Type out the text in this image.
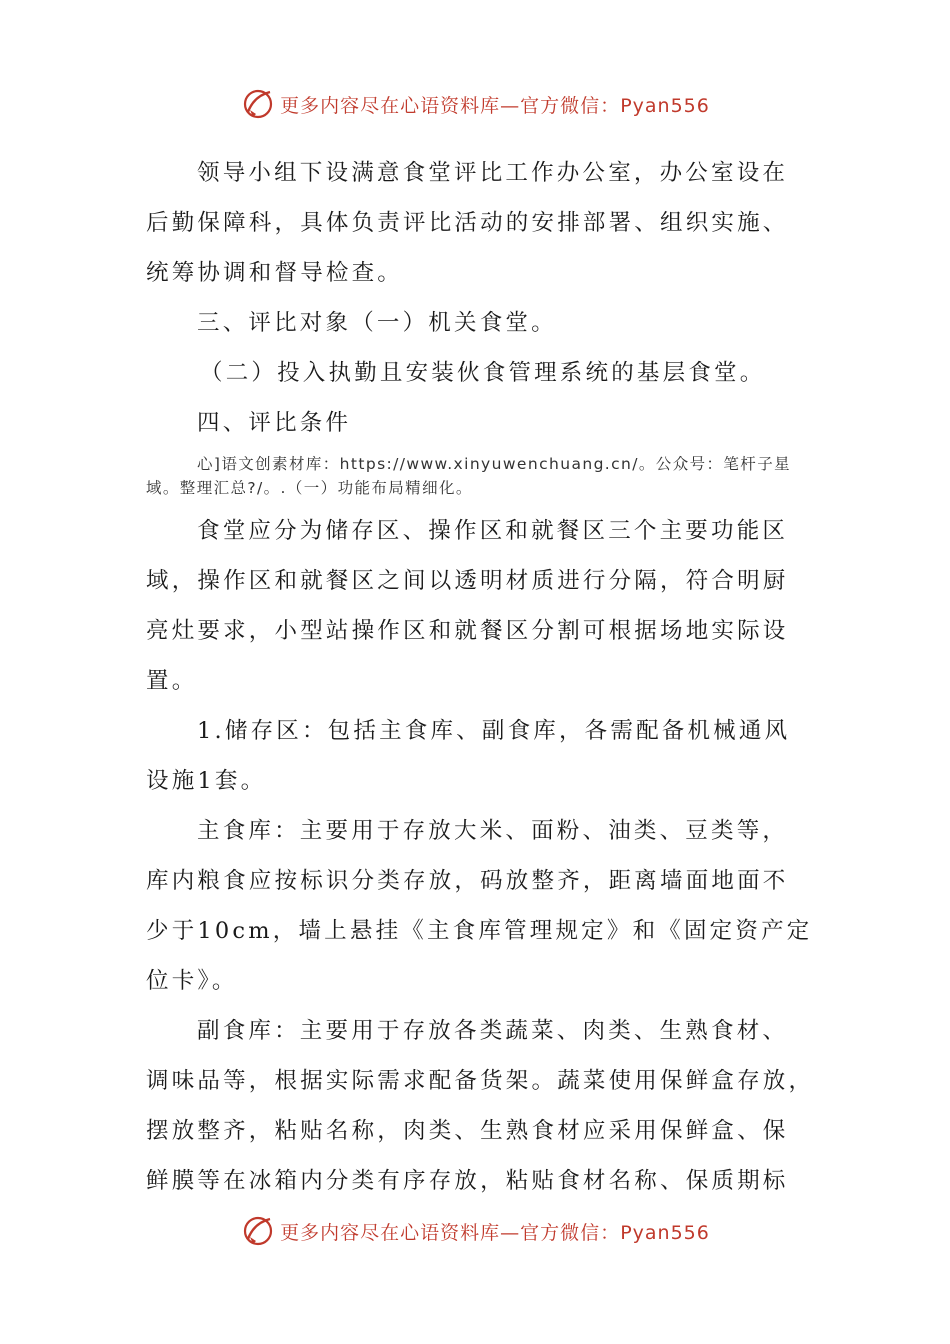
更多内容尽在心语资料库—官方微信：Pyan556

领导小组下设满意食堂评比工作办公室，办公室设在

后勤保障科，具体负责评比活动的安排部署、组织实施、

统筹协调和督导检查。

三、评比对象（一）机关食堂。

（二）投入执勤且安装伙食管理系统的基层食堂。

四、评比条件

心]语文创素材库：https://www.xinyuwenchuang.cn/。公众号：笔杆子星
域。整理汇总?/。.（一）功能布局精细化。

食堂应分为储存区、操作区和就餐区三个主要功能区

域，操作区和就餐区之间以透明材质进行分隔，符合明厨

亮灶要求，小型站操作区和就餐区分割可根据场地实际设

置。

1.储存区：包括主食库、副食库，各需配备机械通风

设施1套。

主食库：主要用于存放大米、面粉、油类、豆类等，

库内粮食应按标识分类存放，码放整齐，距离墙面地面不

少于10cm，墙上悬挂《主食库管理规定》和《固定资产定

位卡》。

副食库：主要用于存放各类蔬菜、肉类、生熟食材、

调味品等，根据实际需求配备货架。蔬菜使用保鲜盒存放，

摆放整齐，粘贴名称，肉类、生熟食材应采用保鲜盒、保

鲜膜等在冰箱内分类有序存放，粘贴食材名称、保质期标

更多内容尽在心语资料库—官方微信：Pyan556
